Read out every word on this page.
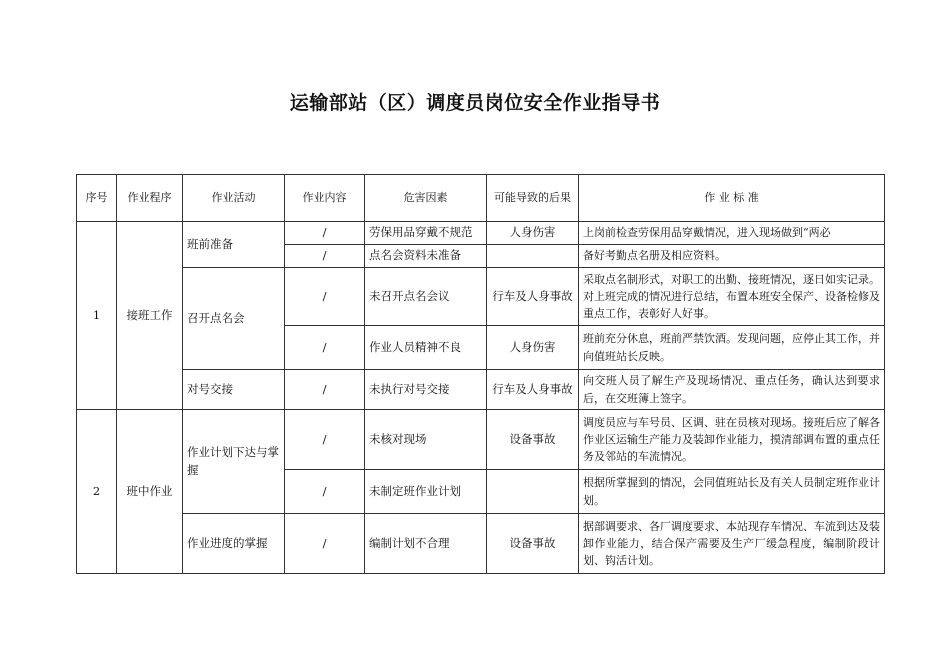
运输部站（区）调度员岗位安全作业指导书
序号	作业程序	作业活动	作业内容	危害因素	可能导致的后果	作 业 标 准
1	接班工作	班前准备	/	劳保用品穿戴不规范	人身伤害	上岗前检查劳保用品穿戴情况，进入现场做到“两必
			/	点名会资料未准备		备好考勤点名册及相应资料。
		召开点名会	/	未召开点名会议	行车及人身事故	采取点名制形式，对职工的出勤、接班情况，逐日如实记录。对上班完成的情况进行总结，布置本班安全保产、设备检修及重点工作，表彰好人好事。
			/	作业人员精神不良	人身伤害	班前充分休息，班前严禁饮酒。发现问题，应停止其工作，并向值班站长反映。
		对号交接	/	未执行对号交接	行车及人身事故	向交班人员了解生产及现场情况、重点任务，确认达到要求后，在交班簿上签字。
2	班中作业	作业计划下达与掌握	/	未核对现场	设备事故	调度员应与车号员、区调、驻在员核对现场。接班后应了解各作业区运输生产能力及装卸作业能力，摸清部调布置的重点任务及邻站的车流情况。
			/	未制定班作业计划		根据所掌握到的情况，会同值班站长及有关人员制定班作业计划。
		作业进度的掌握	/	编制计划不合理	设备事故	据部调要求、各厂调度要求、本站现存车情况、车流到达及装卸作业能力，结合保产需要及生产厂缓急程度，编制阶段计划、钩活计划。
